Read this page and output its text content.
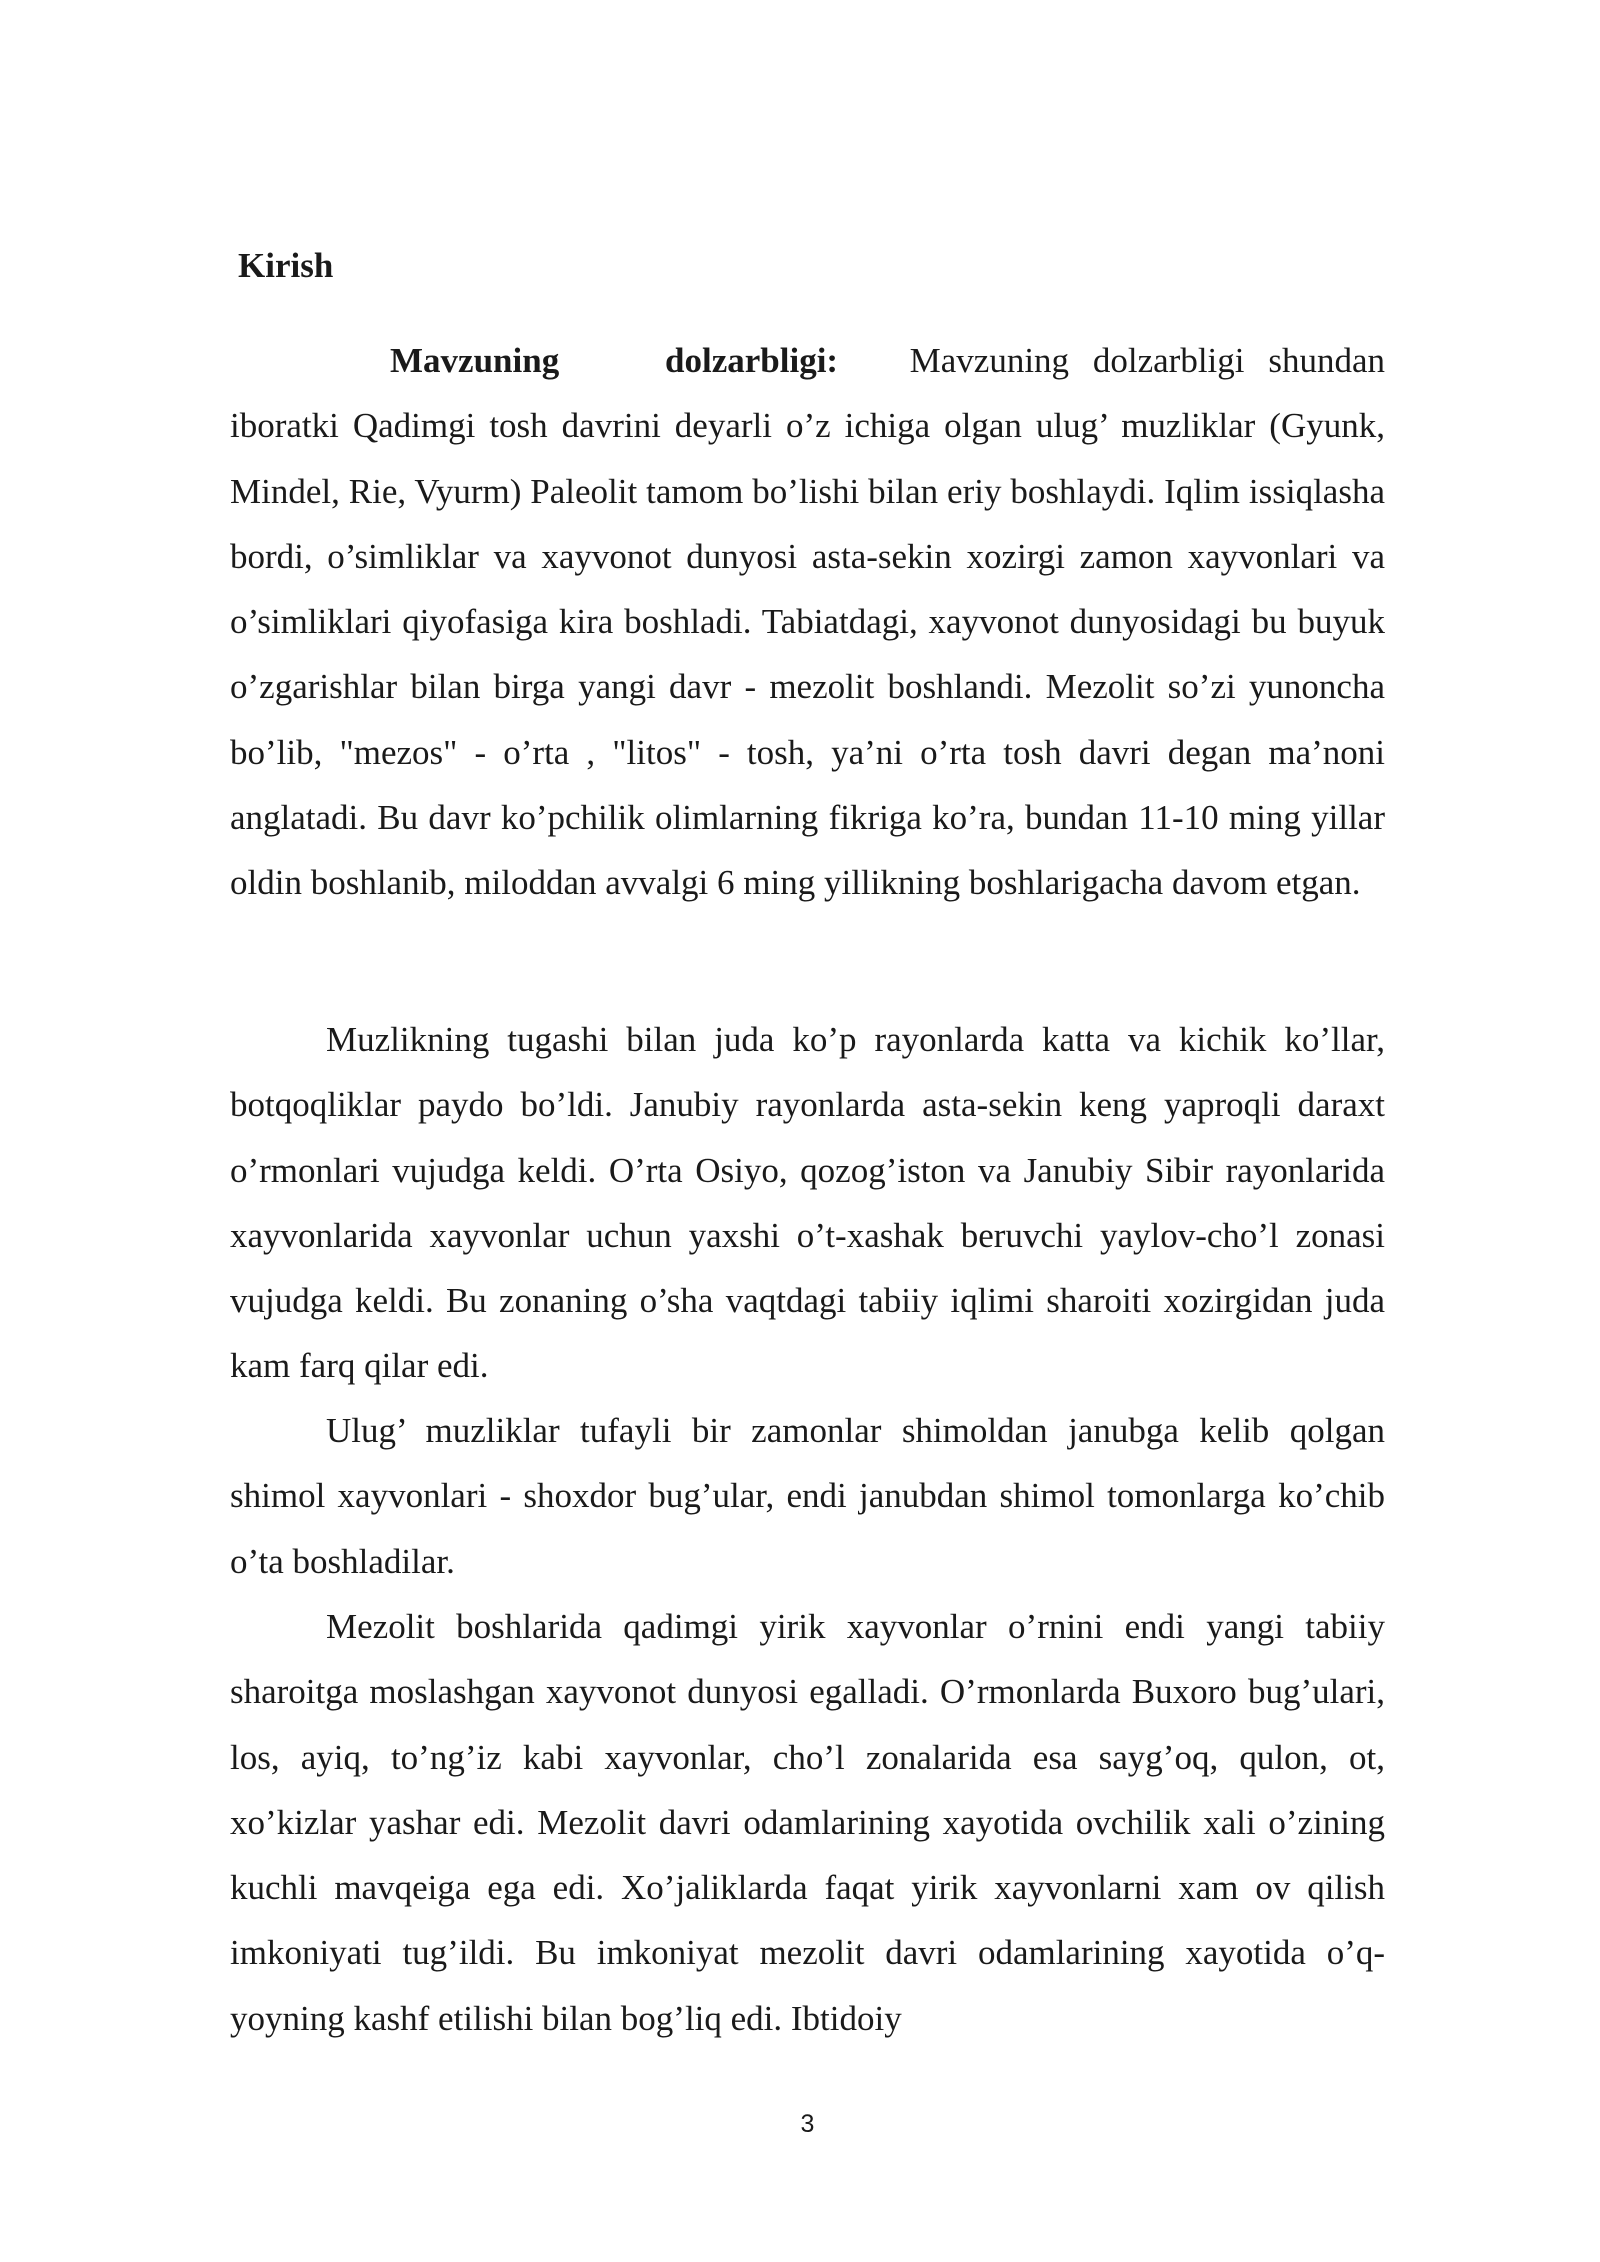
Kirish

Mavzuning dolzarbligi: Mavzuning dolzarbligi shundan iboratki Qadimgi tosh davrini deyarli o’z ichiga olgan ulug’ muzliklar (Gyunk, Mindel, Rie, Vyurm) Paleolit tamom bo’lishi bilan eriy boshlaydi. Iqlim issiqlasha bordi, o’simliklar va xayvonot dunyosi asta-sekin xozirgi zamon xayvonlari va o’simliklari qiyofasiga kira boshladi. Tabiatdagi, xayvonot dunyosidagi bu buyuk o’zgarishlar bilan birga yangi davr - mezolit boshlandi. Mezolit so’zi yunoncha bo’lib, "mezos" - o’rta , "litos" - tosh, ya’ni o’rta tosh davri degan ma’noni anglatadi. Bu davr ko’pchilik olimlarning fikriga ko’ra, bundan 11-10 ming yillar oldin boshlanib, miloddan avvalgi 6 ming yillikning boshlarigacha davom etgan.

Muzlikning tugashi bilan juda ko’p rayonlarda katta va kichik ko’llar, botqoqliklar paydo bo’ldi. Janubiy rayonlarda asta-sekin keng yaproqli daraxt o’rmonlari vujudga keldi. O’rta Osiyo, qozog’iston va Janubiy Sibir rayonlarida xayvonlarida xayvonlar uchun yaxshi o’t-xashak beruvchi yaylov-cho’l zonasi vujudga keldi. Bu zonaning o’sha vaqtdagi tabiiy iqlimi sharoiti xozirgidan juda kam farq qilar edi.

Ulug’ muzliklar tufayli bir zamonlar shimoldan janubga kelib qolgan shimol xayvonlari - shoxdor bug’ular, endi janubdan shimol tomonlarga ko’chib o’ta boshladilar.

Mezolit boshlarida qadimgi yirik xayvonlar o’rnini endi yangi tabiiy sharoitga moslashgan xayvonot dunyosi egalladi. O’rmonlarda Buxoro bug’ulari, los, ayiq, to’ng’iz kabi xayvonlar, cho’l zonalarida esa sayg’oq, qulon, ot, xo’kizlar yashar edi. Mezolit davri odamlarining xayotida ovchilik xali o’zining kuchli mavqeiga ega edi. Xo’jaliklarda faqat yirik xayvonlarni xam ov qilish imkoniyati tug’ildi. Bu imkoniyat mezolit davri odamlarining xayotida o’q-yoyning kashf etilishi bilan bog’liq edi. Ibtidoiy

3
